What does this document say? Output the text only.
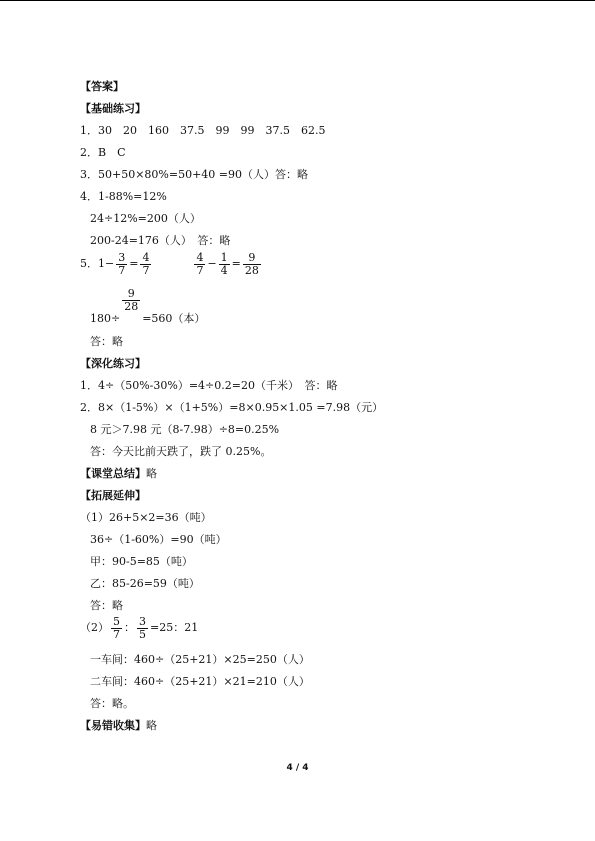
【答案】
【基础练习】
1．30　20　160　37.5　99　99　37.5　62.5
2．B　C
3．50+50×80%=50+40 =90（人）答：略
4．1-88%=12%
24÷12%=200（人）
200-24=176（人）　答：略
5．$1- \frac{3}{7} = \frac{4}{7}$
	$\frac{4}{7} - \frac{1}{4} = \frac{9}{28}$
180÷
$\frac{9}{28}$
=560（本）
答：略
【深化练习】
1．4÷（50%-30%）=4÷0.2=20（千米）　答：略
2．8×（1-5%）×（1+5%）=8×0.95×1.05 =7.98（元）
8 元＞7.98 元（8-7.98）÷8=0.25%
答：今天比前天跌了，跌了 0.25%。
【课堂总结】略
【拓展延伸】
（1）26+5×2=36（吨）
36÷（1-60%）=90（吨）
甲：90-5=85（吨）
乙：85-26=59（吨）
答：略
$(2) \frac{5}{7}$ ： $\frac{3}{5} =25$：21
一车间：460÷（25+21）×25=250（人）
二车间：460÷（25+21）×21=210（人）
答：略。
【易错收集】略
4 / 4
